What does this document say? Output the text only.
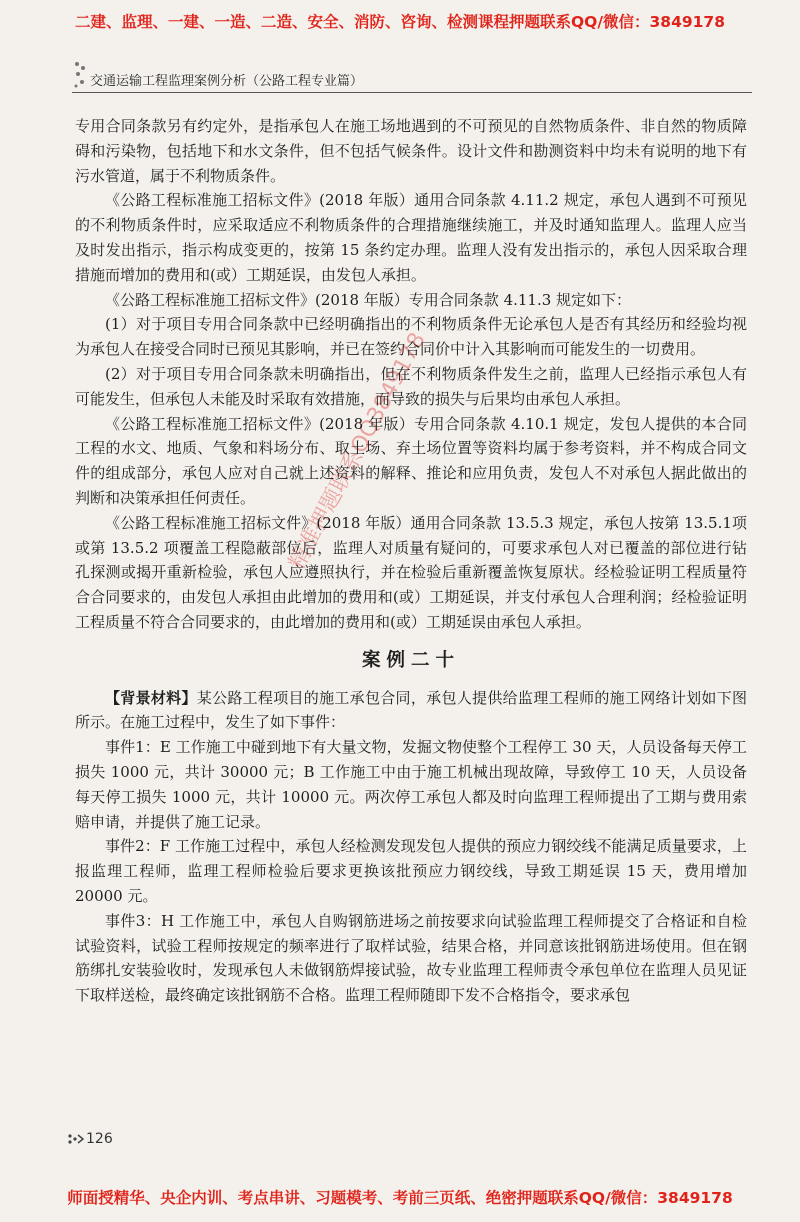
二建、监理、一建、一造、二造、安全、消防、咨询、检测课程押题联系QQ/微信：3849178
交通运输工程监理案例分析（公路工程专业篇）
精准押题联系QQ3849178

专用合同条款另有约定外，是指承包人在施工场地遇到的不可预见的自然物质条件、非自然的物质障碍和污染物，包括地下和水文条件，但不包括气候条件。设计文件和勘测资料中均未有说明的地下有污水管道，属于不利物质条件。

《公路工程标准施工招标文件》(2018 年版）通用合同条款 4.11.2 规定，承包人遇到不可预见的不利物质条件时，应采取适应不利物质条件的合理措施继续施工，并及时通知监理人。监理人应当及时发出指示，指示构成变更的，按第 15 条约定办理。监理人没有发出指示的，承包人因采取合理措施而增加的费用和(或）工期延误，由发包人承担。

《公路工程标准施工招标文件》(2018 年版）专用合同条款 4.11.3 规定如下：

(1）对于项目专用合同条款中已经明确指出的不利物质条件无论承包人是否有其经历和经验均视为承包人在接受合同时已预见其影响，并已在签约合同价中计入其影响而可能发生的一切费用。

(2）对于项目专用合同条款未明确指出，但在不利物质条件发生之前，监理人已经指示承包人有可能发生，但承包人未能及时采取有效措施，而导致的损失与后果均由承包人承担。

《公路工程标准施工招标文件》(2018 年版）专用合同条款 4.10.1 规定，发包人提供的本合同工程的水文、地质、气象和料场分布、取土场、弃土场位置等资料均属于参考资料，并不构成合同文件的组成部分，承包人应对自己就上述资料的解释、推论和应用负责，发包人不对承包人据此做出的判断和决策承担任何责任。

《公路工程标准施工招标文件》(2018 年版）通用合同条款 13.5.3 规定，承包人按第 13.5.1项或第 13.5.2 项覆盖工程隐蔽部位后，监理人对质量有疑问的，可要求承包人对已覆盖的部位进行钻孔探测或揭开重新检验，承包人应遵照执行，并在检验后重新覆盖恢复原状。经检验证明工程质量符合合同要求的，由发包人承担由此增加的费用和(或）工期延误，并支付承包人合理利润；经检验证明工程质量不符合合同要求的，由此增加的费用和(或）工期延误由承包人承担。

案例二十

【背景材料】某公路工程项目的施工承包合同，承包人提供给监理工程师的施工网络计划如下图所示。在施工过程中，发生了如下事件：

事件1：E 工作施工中碰到地下有大量文物，发掘文物使整个工程停工 30 天，人员设备每天停工损失 1000 元，共计 30000 元；B 工作施工中由于施工机械出现故障，导致停工 10 天，人员设备每天停工损失 1000 元，共计 10000 元。两次停工承包人都及时向监理工程师提出了工期与费用索赔申请，并提供了施工记录。

事件2：F 工作施工过程中，承包人经检测发现发包人提供的预应力钢绞线不能满足质量要求，上报监理工程师，监理工程师检验后要求更换该批预应力钢绞线，导致工期延误 15 天，费用增加 20000 元。

事件3：H 工作施工中，承包人自购钢筋进场之前按要求向试验监理工程师提交了合格证和自检试验资料，试验工程师按规定的频率进行了取样试验，结果合格，并同意该批钢筋进场使用。但在钢筋绑扎安装验收时，发现承包人未做钢筋焊接试验，故专业监理工程师责令承包单位在监理人员见证下取样送检，最终确定该批钢筋不合格。监理工程师随即下发不合格指令，要求承包

126
师面授精华、央企内训、考点串讲、习题模考、考前三页纸、绝密押题联系QQ/微信：3849178
